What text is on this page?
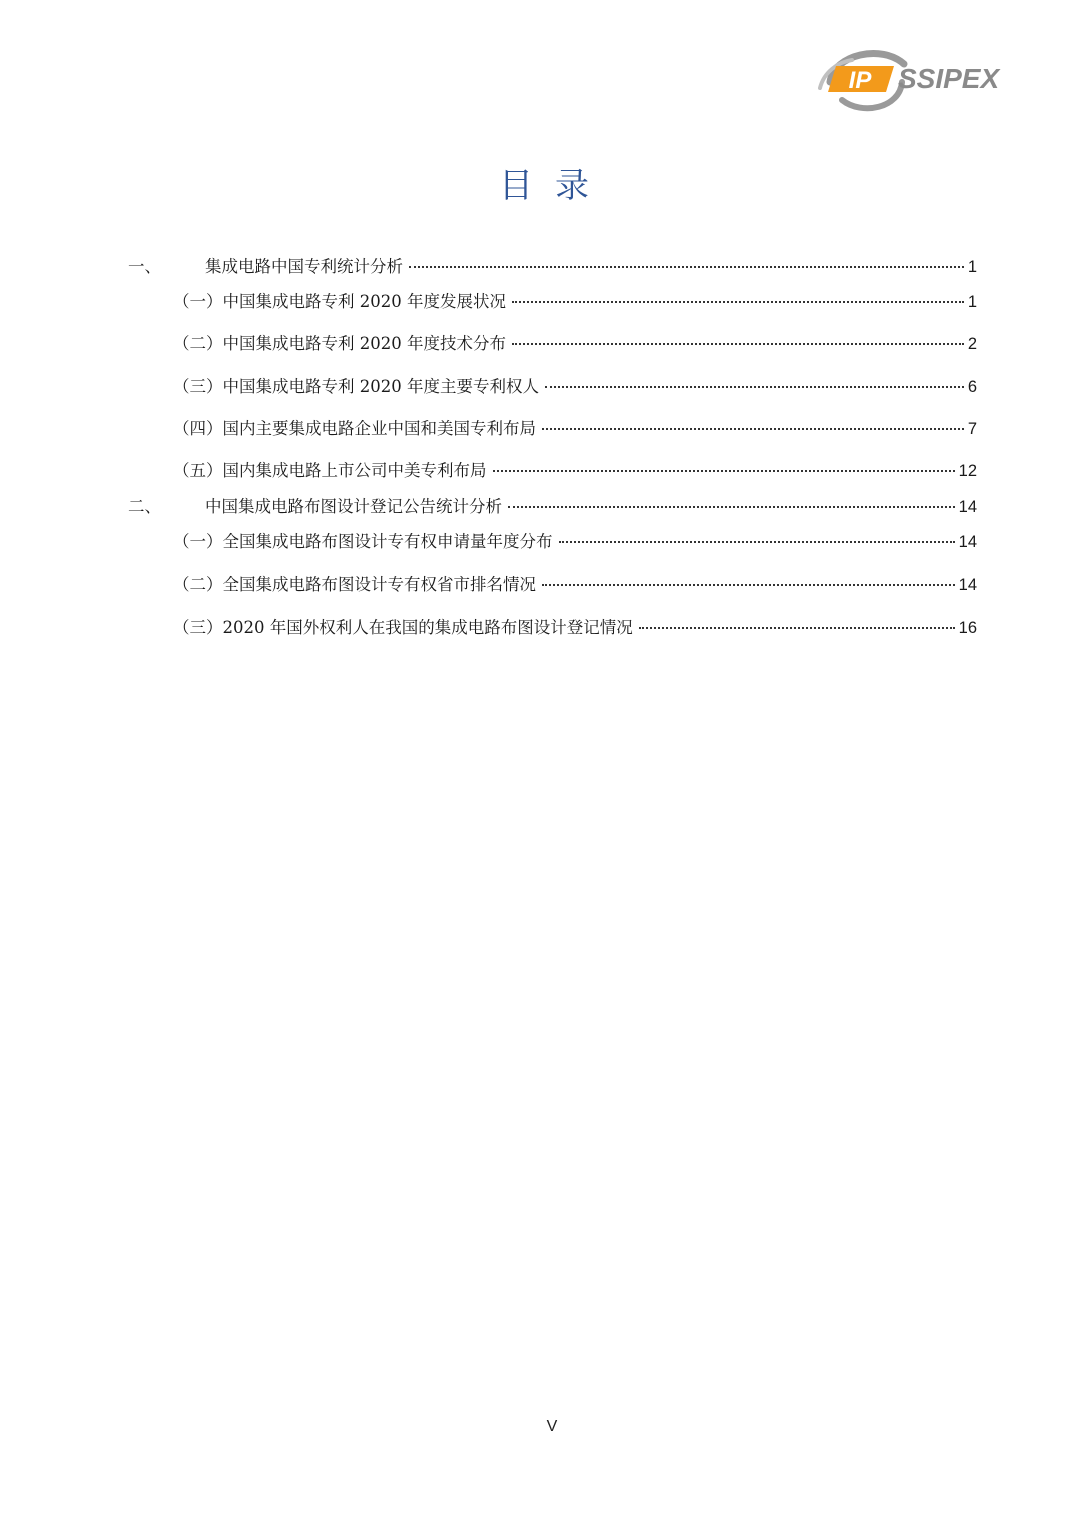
IP SSIPEX
目录
一、	集成电路中国专利统计分析	1
（一） 中国集成电路专利 2020 年度发展状况	1
（二） 中国集成电路专利 2020 年度技术分布	2
（三） 中国集成电路专利 2020 年度主要专利权人	6
（四） 国内主要集成电路企业中国和美国专利布局	7
（五） 国内集成电路上市公司中美专利布局	12
二、	中国集成电路布图设计登记公告统计分析	14
（一） 全国集成电路布图设计专有权申请量年度分布	14
（二） 全国集成电路布图设计专有权省市排名情况	14
（三） 2020 年国外权利人在我国的集成电路布图设计登记情况	16
V
